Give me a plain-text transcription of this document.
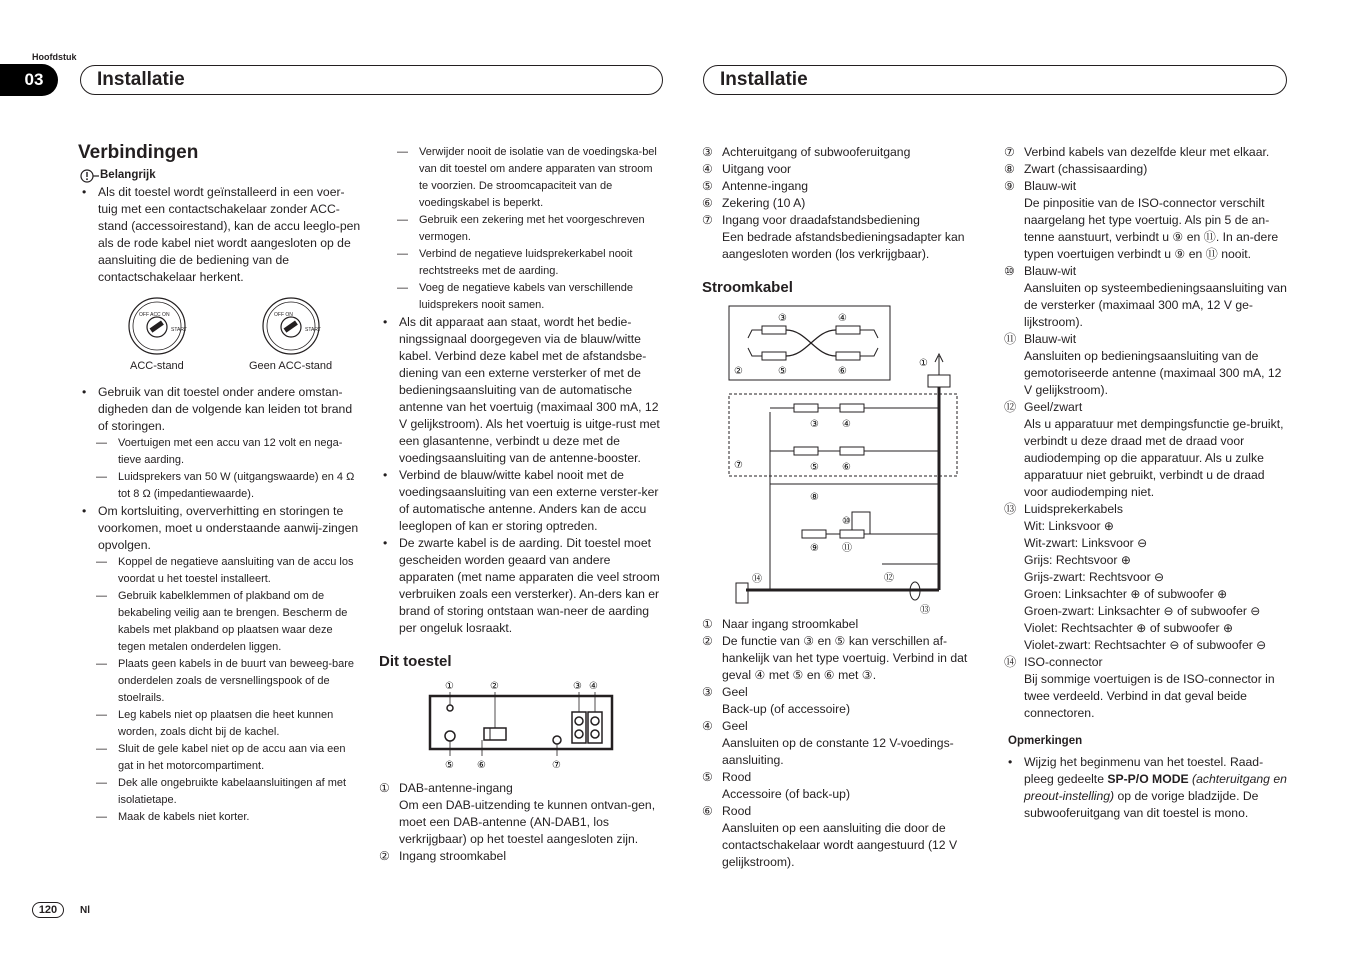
Hoofdstuk
03	Installatie	Installatie
Verbindingen
Belangrijk

• Als dit toestel wordt geïnstalleerd in een voer-tuig met een contactschakelaar zonder ACC-stand (accessoirestand), kan de accu leeglo-pen als de rode kabel niet wordt aangesloten op de aansluiting die de bediening van de contactschakelaar herkent.

OFF ACC ON
START
OFF ON
START
ACC-stand	Geen ACC-stand

• Gebruik van dit toestel onder andere omstan-digheden dan de volgende kan leiden tot brand of storingen.

— Voertuigen met een accu van 12 volt en nega-tieve aarding.

— Luidsprekers van 50 W (uitgangswaarde) en 4 Ω tot 8 Ω (impedantiewaarde).

• Om kortsluiting, oververhitting en storingen te voorkomen, moet u onderstaande aanwij-zingen opvolgen.

— Koppel de negatieve aansluiting van de accu los voordat u het toestel installeert.

— Gebruik kabelklemmen of plakband om de bekabeling veilig aan te brengen. Bescherm de kabels met plakband op plaatsen waar deze tegen metalen onderdelen liggen.

— Plaats geen kabels in de buurt van beweeg-bare onderdelen zoals de versnellingspook of de stoelrails.

— Leg kabels niet op plaatsen die heet kunnen worden, zoals dicht bij de kachel.

— Sluit de gele kabel niet op de accu aan via een gat in het motorcompartiment.

— Dek alle ongebruikte kabelaansluitingen af met isolatietape.

— Maak de kabels niet korter.

— Verwijder nooit de isolatie van de voedingska-bel van dit toestel om andere apparaten van stroom te voorzien. De stroomcapaciteit van de voedingskabel is beperkt.

— Gebruik een zekering met het voorgeschreven vermogen.

— Verbind de negatieve luidsprekerkabel nooit rechtstreeks met de aarding.

— Voeg de negatieve kabels van verschillende luidsprekers nooit samen.

• Als dit apparaat aan staat, wordt het bedie-ningssignaal doorgegeven via de blauw/witte kabel. Verbind deze kabel met de afstandsbe-diening van een externe versterker of met de bedieningsaansluiting van de automatische antenne van het voertuig (maximaal 300 mA, 12 V gelijkstroom). Als het voertuig is uitge-rust met een glasantenne, verbindt u deze met de voedingsaansluiting van de antenne-booster.

• Verbind de blauw/witte kabel nooit met de voedingsaansluiting van een externe verster-ker of automatische antenne. Anders kan de accu leeglopen of kan er storing optreden.

• De zwarte kabel is de aarding. Dit toestel moet gescheiden worden geaard van andere apparaten (met name apparaten die veel stroom verbruiken zoals een versterker). An-ders kan er brand of storing ontstaan wan-neer de aarding per ongeluk losraakt.

Dit toestel
①	②	③ ④
⑤ ⑥	⑦

① DAB-antenne-ingang

Om een DAB-uitzending te kunnen ontvan-gen, moet een DAB-antenne (AN-DAB1, los verkrijgbaar) op het toestel aangesloten zijn.

② Ingang stroomkabel

③ Achteruitgang of subwooferuitgang

④ Uitgang voor

⑤ Antenne-ingang

⑥ Zekering (10 A)

⑦ Ingang voor draadafstandsbediening

Een bedrade afstandsbedieningsadapter kan aangesloten worden (los verkrijgbaar).

Stroomkabel
③	④
②	⑤	⑥
①
⑦
③ ④
⑤ ⑥
⑧
⑩
⑨ ⑪
⑫
⑭
⑬

① Naar ingang stroomkabel

② De functie van ③ en ⑤ kan verschillen af-hankelijk van het type voertuig. Verbind in dat geval ④ met ⑤ en ⑥ met ③.

③ Geel

Back-up (of accessoire)

④ Geel

Aansluiten op de constante 12 V-voedings-aansluiting.

⑤ Rood

Accessoire (of back-up)

⑥ Rood

Aansluiten op een aansluiting die door de contactschakelaar wordt aangestuurd (12 V gelijkstroom).

⑦ Verbind kabels van dezelfde kleur met elkaar.

⑧ Zwart (chassisaarding)

⑨ Blauw-wit

De pinpositie van de ISO-connector verschilt naargelang het type voertuig. Als pin 5 de an-tenne aanstuurt, verbindt u ⑨ en ⑪. In an-dere typen voertuigen verbindt u ⑨ en ⑪ nooit.

⑩ Blauw-wit

Aansluiten op systeembedieningsaansluiting van de versterker (maximaal 300 mA, 12 V ge-lijkstroom).

⑪ Blauw-wit

Aansluiten op bedieningsaansluiting van de gemotoriseerde antenne (maximaal 300 mA, 12 V gelijkstroom).

⑫ Geel/zwart

Als u apparatuur met dempingsfunctie ge-bruikt, verbindt u deze draad met de draad voor audiodemping op die apparatuur. Als u zulke apparatuur niet gebruikt, verbindt u de draad voor audiodemping niet.

⑬ Luidsprekerkabels

Wit: Linksvoor ⊕

Wit-zwart: Linksvoor ⊖

Grijs: Rechtsvoor ⊕

Grijs-zwart: Rechtsvoor ⊖

Groen: Linksachter ⊕ of subwoofer ⊕

Groen-zwart: Linksachter ⊖ of subwoofer ⊖

Violet: Rechtsachter ⊕ of subwoofer ⊕

Violet-zwart: Rechtsachter ⊖ of subwoofer ⊖

⑭ ISO-connector

Bij sommige voertuigen is de ISO-connector in twee verdeeld. Verbind in dat geval beide connectoren.

Opmerkingen

• Wijzig het beginmenu van het toestel. Raad-pleeg gedeelte SP-P/O MODE (achteruitgang en preout-instelling) op de vorige bladzijde. De subwooferuitgang van dit toestel is mono.

120	Nl
